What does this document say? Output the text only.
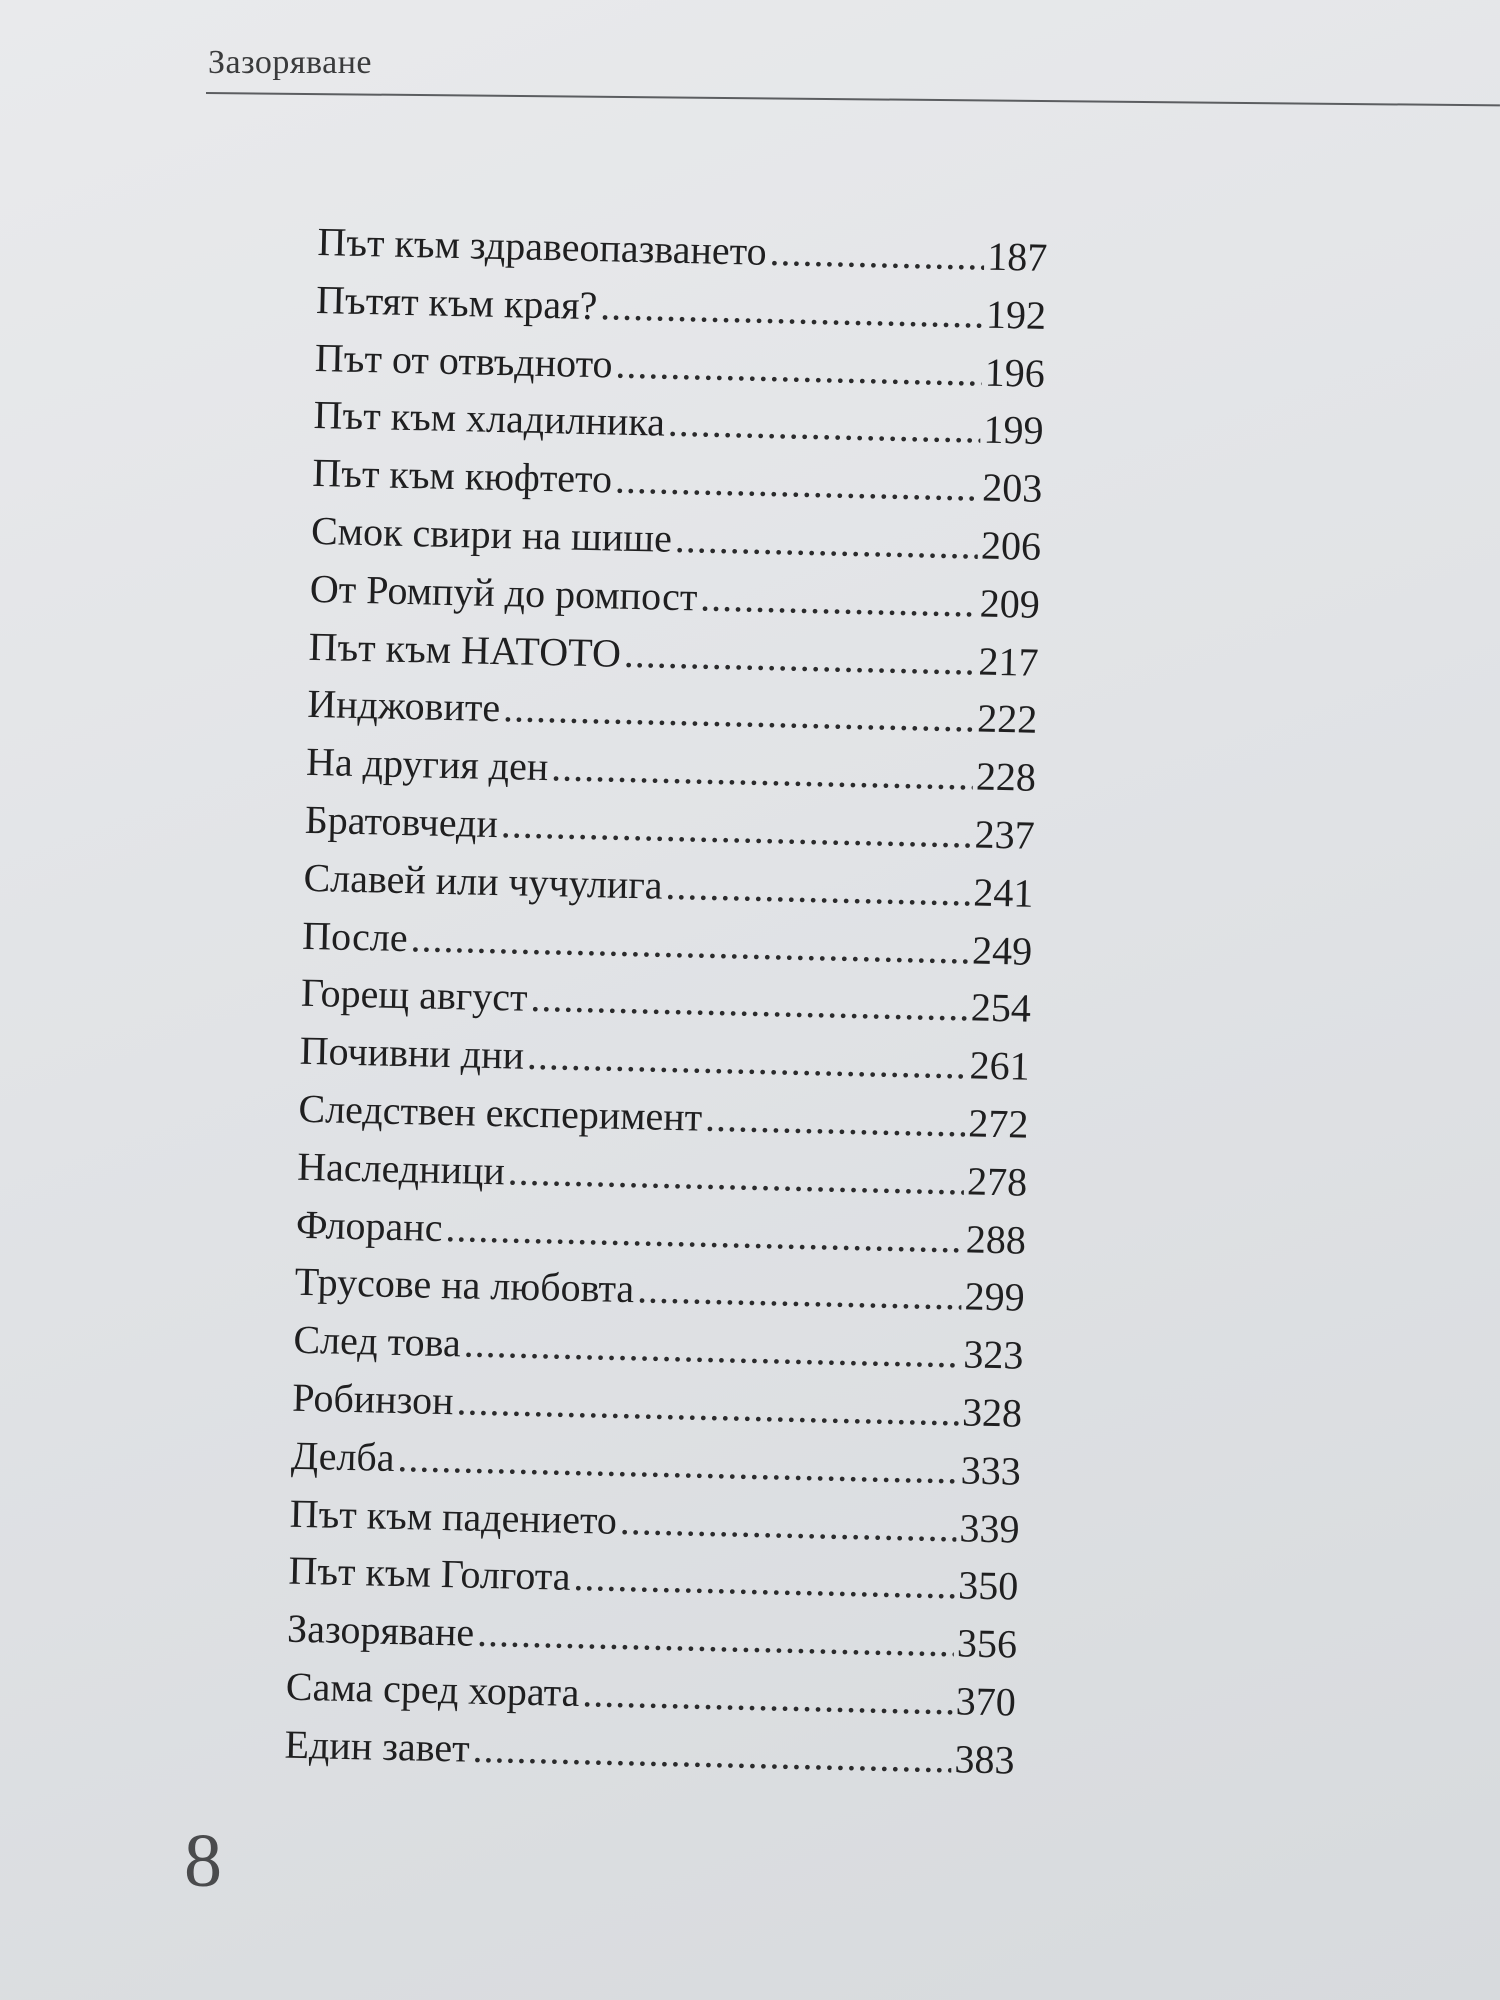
Зазоряване
Път към здравеопазването .....	187
Пътят към края? .....	192
Път от отвъдното .....	196
Път към хладилника .....	199
Път към кюфтето .....	203
Смок свири на шише .....	206
От Ромпуй до ромпост .....	209
Път към НАТОТО .....	217
Инджовите .....	222
На другия ден .....	228
Братовчеди .....	237
Славей или чучулига .....	241
После .....	249
Горещ август .....	254
Почивни дни .....	261
Следствен експеримент .....	272
Наследници .....	278
Флоранс .....	288
Трусове на любовта .....	299
След това .....	323
Робинзон .....	328
Делба .....	333
Път към падението .....	339
Път към Голгота .....	350
Зазоряване .....	356
Сама сред хората .....	370
Един завет .....	383
8
